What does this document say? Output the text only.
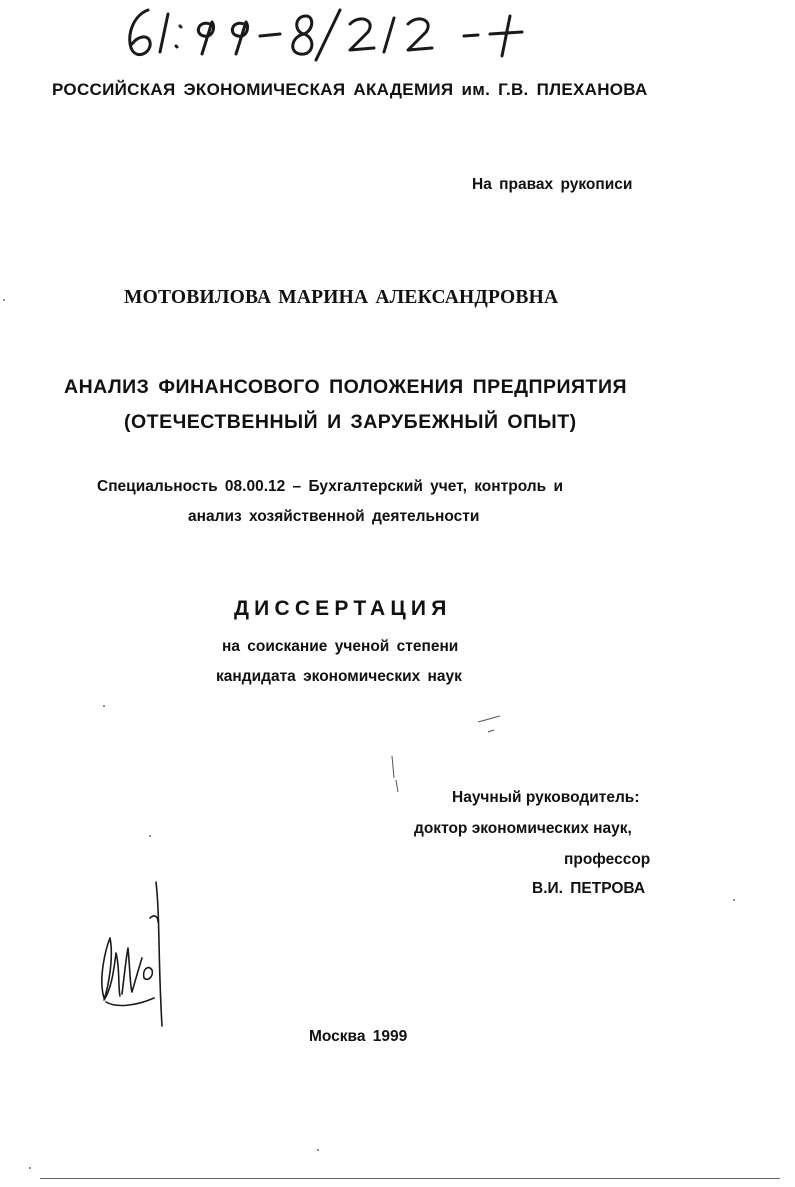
РОССИЙСКАЯ ЭКОНОМИЧЕСКАЯ АКАДЕМИЯ им. Г.В. ПЛЕХАНОВА
На правах рукописи
МОТОВИЛОВА МАРИНА АЛЕКСАНДРОВНА
АНАЛИЗ ФИНАНСОВОГО ПОЛОЖЕНИЯ ПРЕДПРИЯТИЯ
(ОТЕЧЕСТВЕННЫЙ И ЗАРУБЕЖНЫЙ ОПЫТ)
Специальность 08.00.12 – Бухгалтерский учет, контроль и
анализ хозяйственной деятельности
ДИССЕРТАЦИЯ
на соискание ученой степени
кандидата экономических наук
Научный руководитель:
доктор экономических наук,
профессор
В.И. ПЕТРОВА
Москва 1999
